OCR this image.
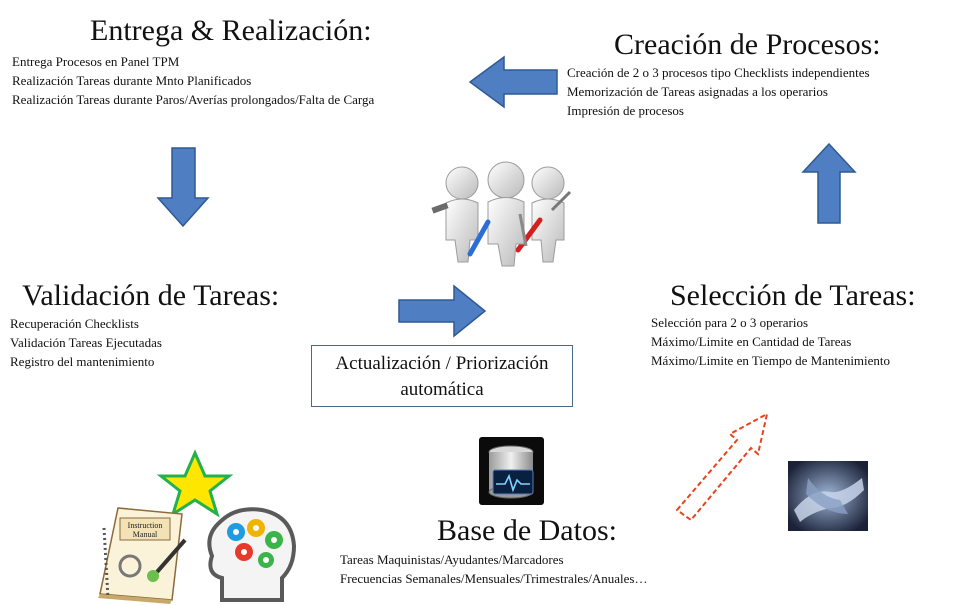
Instruction
Manual
Entrega & Realización:
Entrega Procesos en Panel TPM
Realización Tareas durante Mnto Planificados
Realización Tareas durante Paros/Averías prolongados/Falta de Carga
Creación de Procesos:
Creación de 2 o 3 procesos tipo Checklists independientes
Memorización de Tareas asignadas a los operarios
Impresión de procesos
Validación de Tareas:
Recuperación Checklists
Validación Tareas Ejecutadas
Registro del mantenimiento
Selección de Tareas:
Selección para 2 o 3 operarios
Máximo/Limite en Cantidad de Tareas
Máximo/Limite en Tiempo de Mantenimiento
Actualización / Priorización
automática
Base de Datos:
Tareas Maquinistas/Ayudantes/Marcadores
Frecuencias Semanales/Mensuales/Trimestrales/Anuales…
